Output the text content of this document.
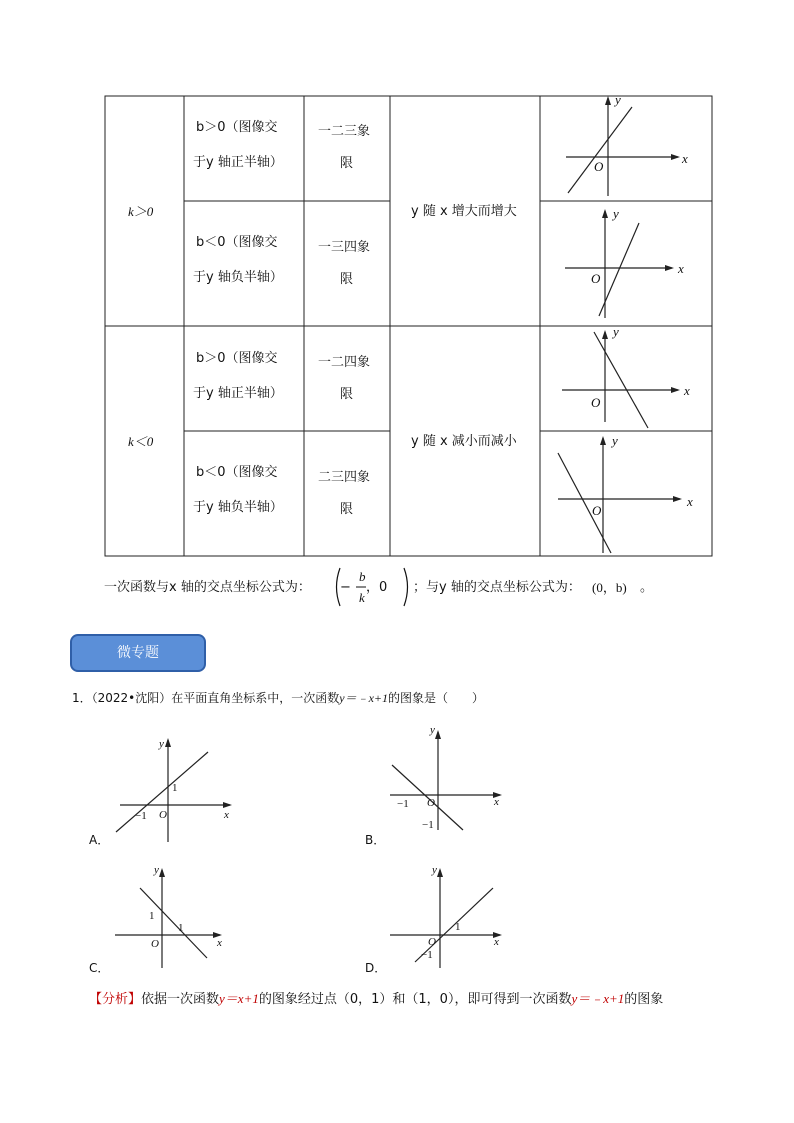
k＞0
b＞0（图像交
于y 轴正半轴）
一二三象
限
y 随 x 增大而增大
b＜0（图像交
于y 轴负半轴）
一三四象
限
k＜0
b＞0（图像交
于y 轴正半轴）
一二四象
限
y 随 x 减小而减小
b＜0（图像交
于y 轴负半轴）
二三四象
限
y
x
O
y
x
O
y
x
O
y
x
O
一次函数与x 轴的交点坐标公式为： −
b
k
，0 ；与y 轴的交点坐标公式为： (0，b) 。
微专题
1．（2022•沈阳）在平面直角坐标系中，一次函数y＝﹣x+1的图象是（　　）
y
1
−1 O	x
A．
y
−1 O
−1
x
B．
y
1
1
O	x
C．
y
1
O
−1
x
D．
【分析】依据一次函数y＝x+1的图象经过点（0，1）和（1，0），即可得到一次函数y＝﹣x+1的图象
